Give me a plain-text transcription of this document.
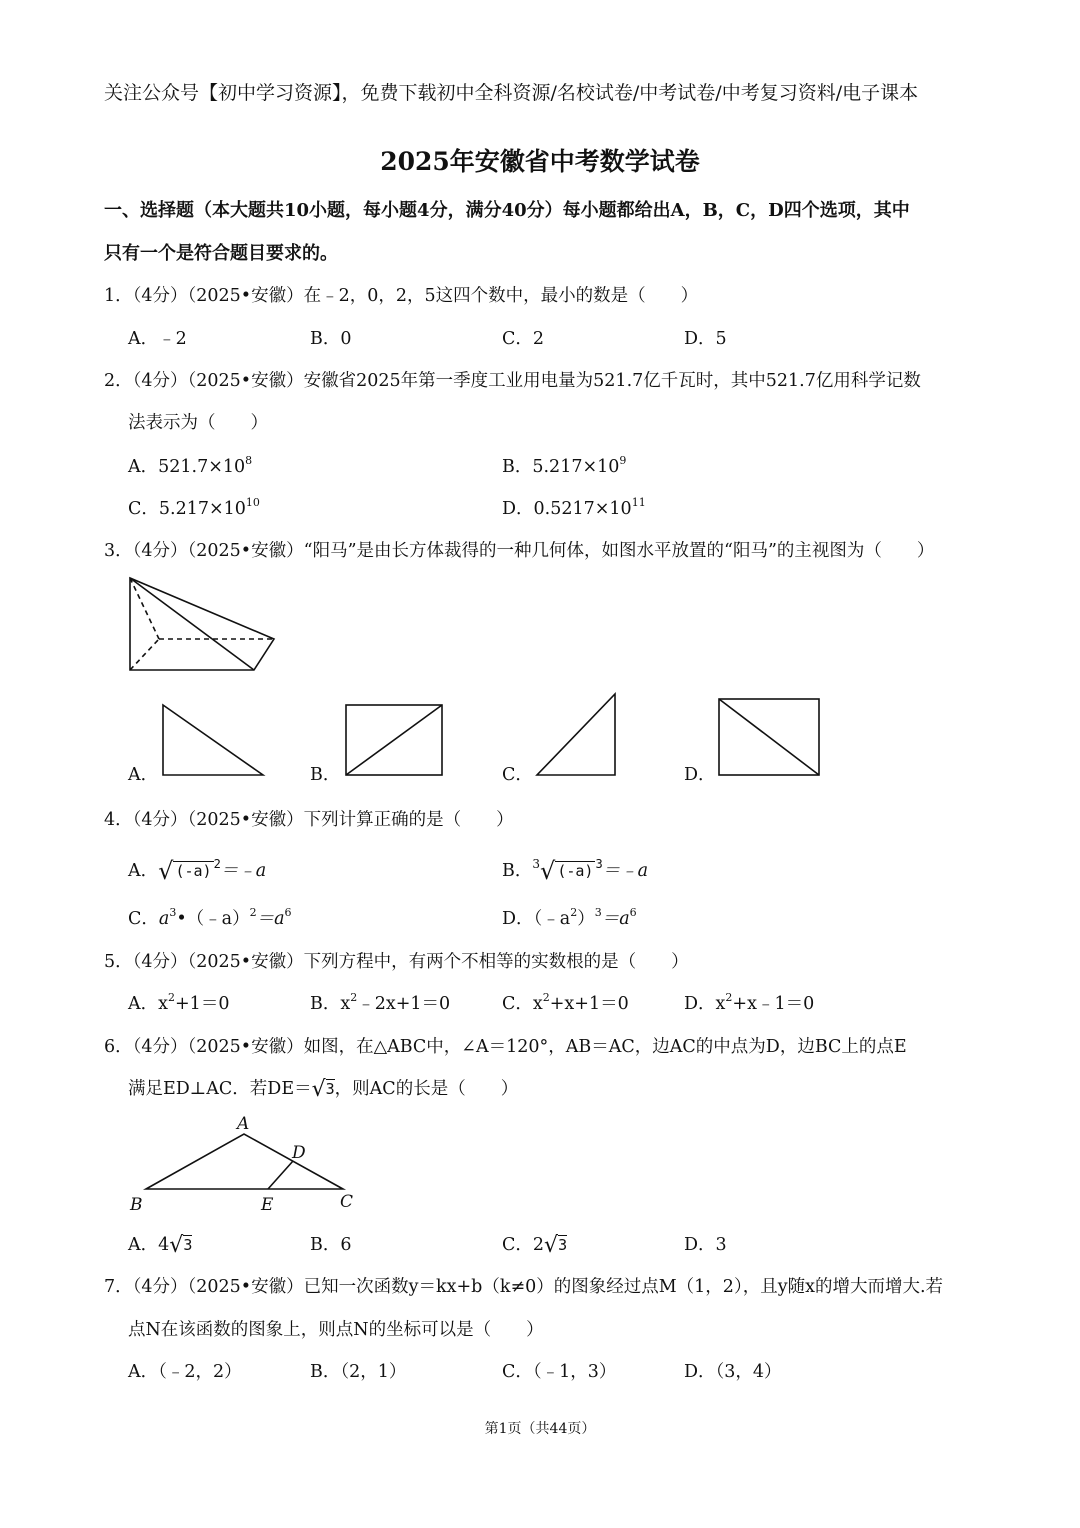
关注公众号【初中学习资源】，免费下载初中全科资源/名校试卷/中考试卷/中考复习资料/电子课本
2025年安徽省中考数学试卷
一、选择题（本大题共10小题，每小题4分，满分40分）每小题都给出A，B，C，D四个选项，其中
只有一个是符合题目要求的。
1．（4分）（2025•安徽）在﹣2，0，2，5这四个数中，最小的数是（　　）
A．﹣2	B．0	C．2	D．5
2．（4分）（2025•安徽）安徽省2025年第一季度工业用电量为521.7亿千瓦时，其中521.7亿用科学记数
法表示为（　　）
A．$521.7\times 10^8$	B．$5.217\times 10^9$
C．$5.217\times 10^{10}$	D．$0.5217\times 10^{11}$
3．（4分）（2025•安徽）“阳马”是由长方体裁得的一种几何体，如图水平放置的“阳马”的主视图为（　　）
A．	B．	C．	D．
4．（4分）（2025•安徽）下列计算正确的是（　　）
A．√ (-a) $^2$＝﹣a	B．$^3$√ (-a) $^3$＝﹣a
C．$a^3•(﹣a)^2=a^6$	D．$(﹣a^2)^3=a^6$
5．（4分）（2025•安徽）下列方程中，有两个不相等的实数根的是（　　）
A．$x^2+1=0$	B．$x^2﹣2x+1=0$	C．$x^2+x+1=0$	D．$x^2+x﹣1=0$
6．（4分）（2025•安徽）如图，在△ABC中，∠A＝120°，AB＝AC，边AC的中点为D，边BC上的点E
满足ED⊥AC．若DE＝√3，则AC的长是（　　）
A
D
B	E	C
A．4√3	B．6	C．2√3	D．3
7．（4分）（2025•安徽）已知一次函数y＝kx+b（k≠0）的图象经过点M（1，2），且y随x的增大而增大.若
点N在该函数的图象上，则点N的坐标可以是（　　）
A．（﹣2，2）	B．（2，1）	C．（﹣1，3）	D．（3，4）
第1页（共44页）
